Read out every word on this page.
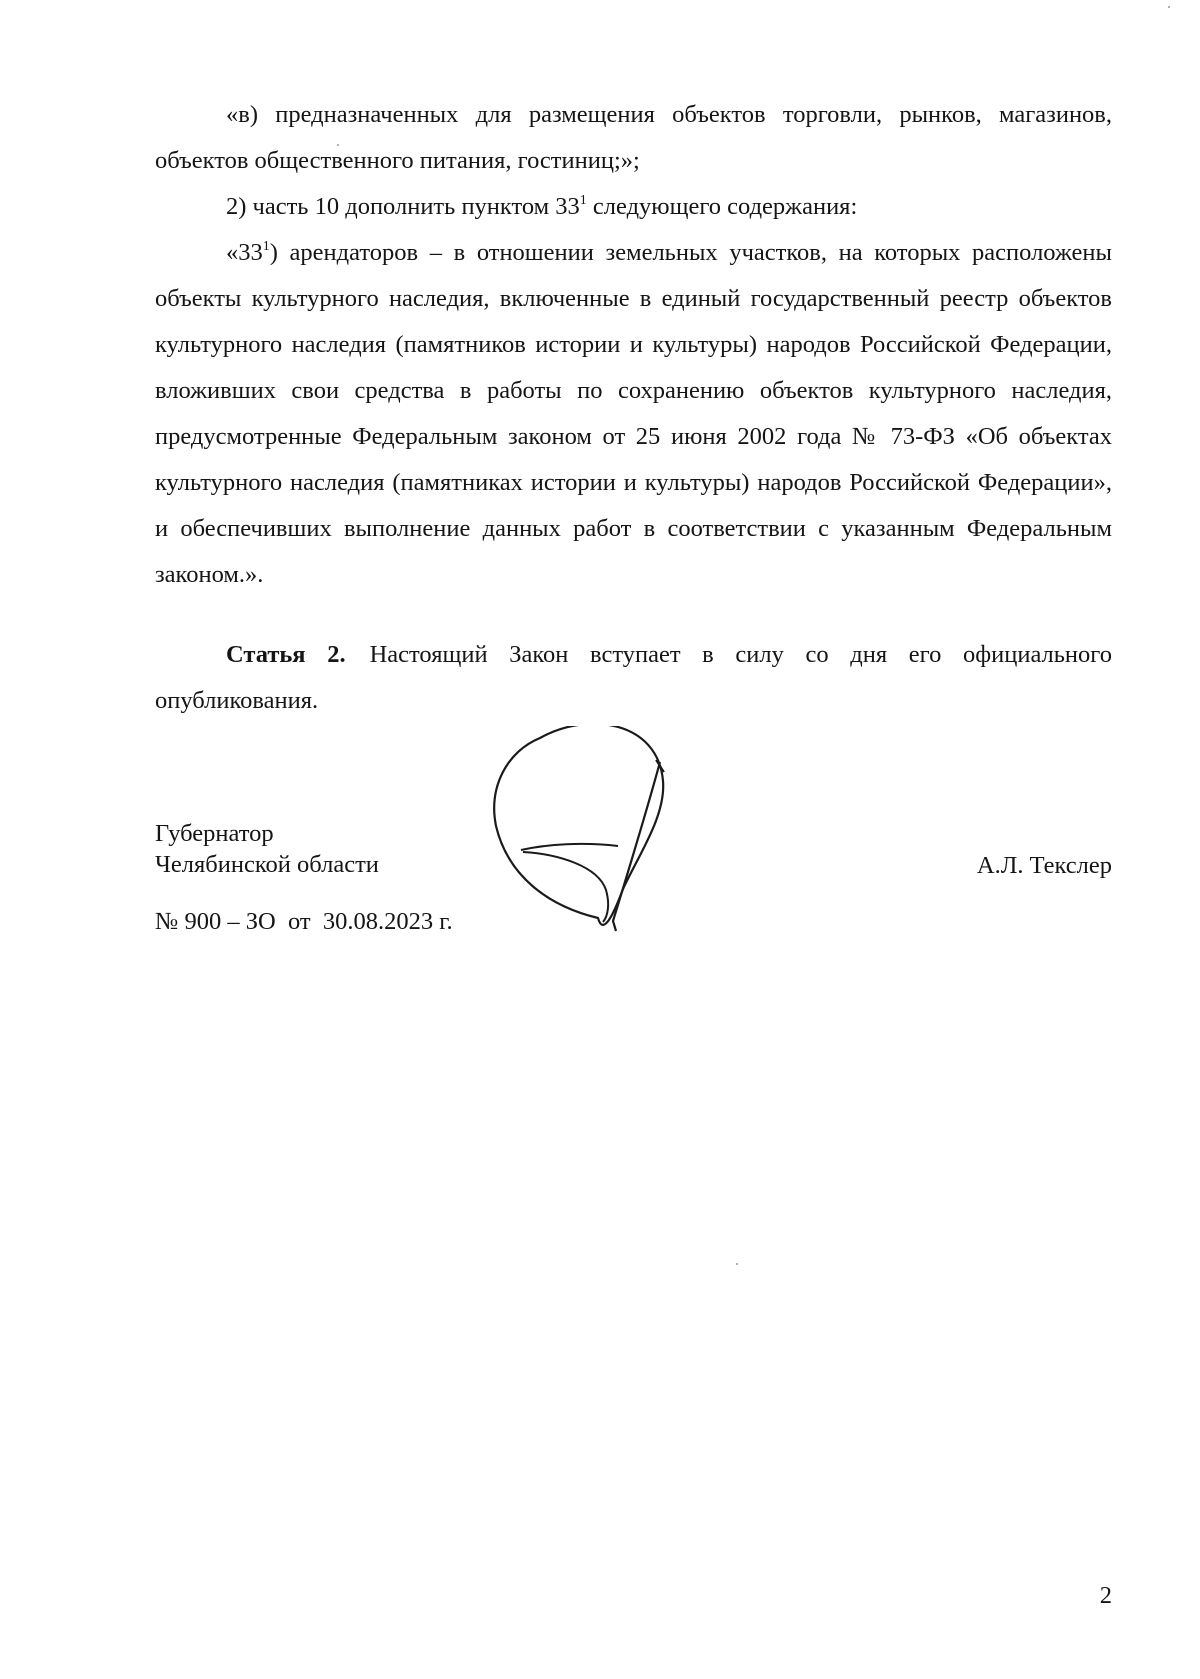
«в) предназначенных для размещения объектов торговли, рынков, магазинов, объектов общественного питания, гостиниц;»;

2) часть 10 дополнить пунктом $33^1$ следующего содержания:

«$33^1$) арендаторов – в отношении земельных участков, на которых расположены объекты культурного наследия, включенные в единый государственный реестр объектов культурного наследия (памятников истории и культуры) народов Российской Федерации, вложивших свои средства в работы по сохранению объектов культурного наследия, предусмотренные Федеральным законом от 25 июня 2002 года № 73-ФЗ «Об объектах культурного наследия (памятниках истории и культуры) народов Российской Федерации», и обеспечивших выполнение данных работ в соответствии с указанным Федеральным законом.».

Статья 2. Настоящий Закон вступает в силу со дня его официального опубликования.

Губернатор
Челябинской области	А.Л. Текслер
№ 900 – ЗО  от  30.08.2023 г.
2
